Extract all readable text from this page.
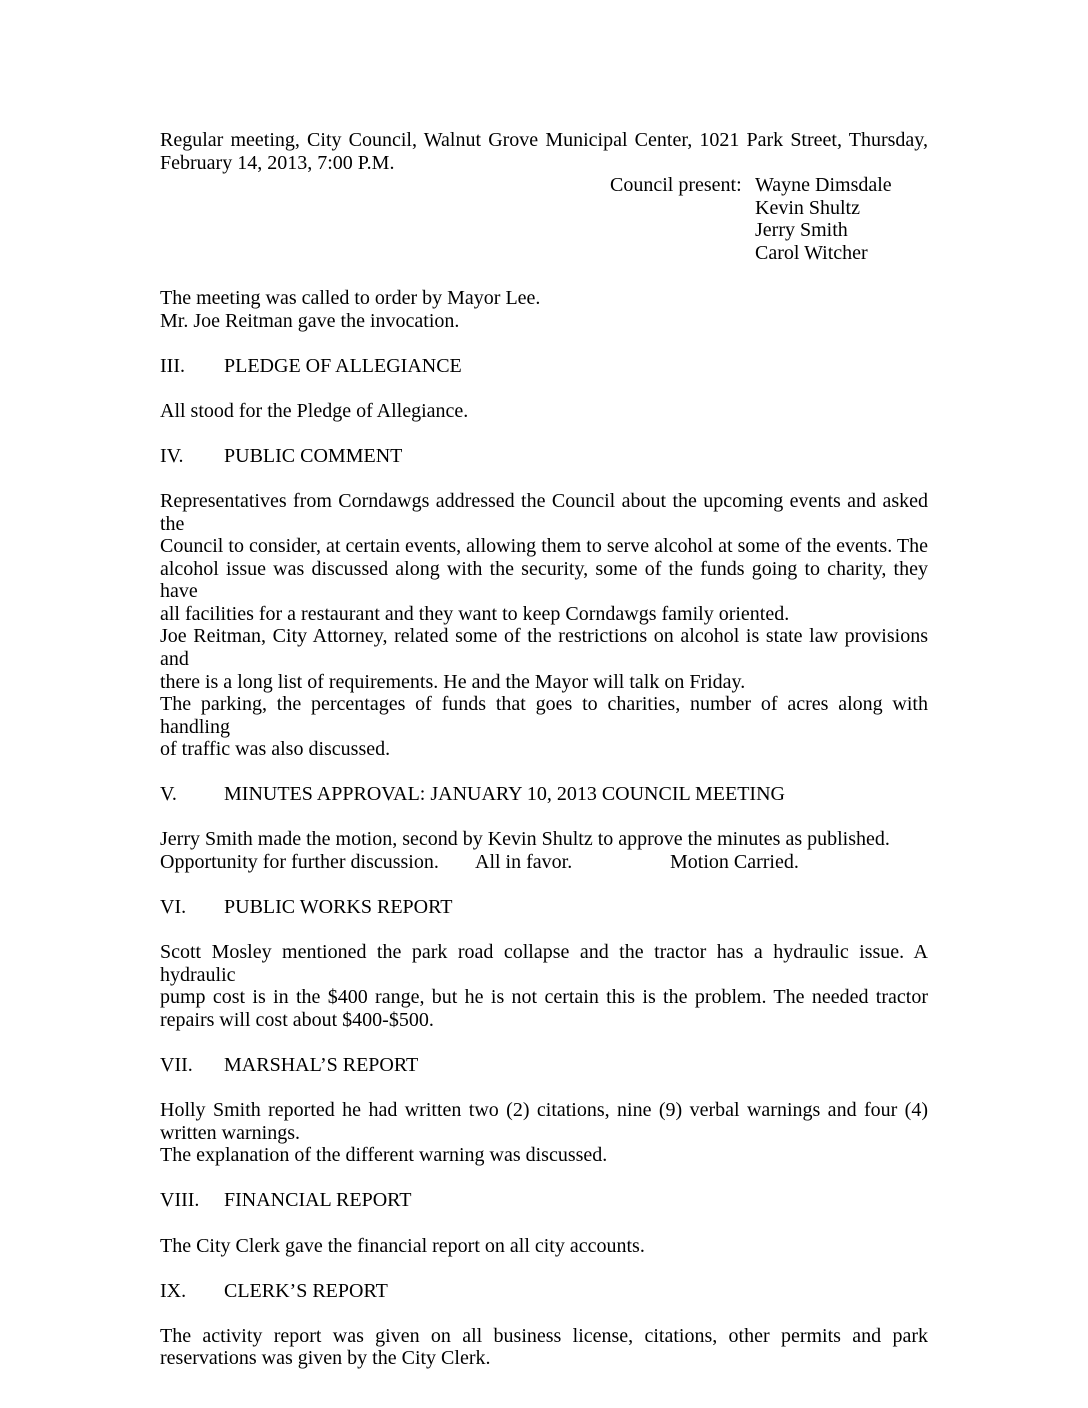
Regular meeting, City Council, Walnut Grove Municipal Center, 1021 Park Street, Thursday,
February 14, 2013, 7:00 P.M.
Council present: Wayne Dimsdale
Kevin Shultz
Jerry Smith
Carol Witcher
The meeting was called to order by Mayor Lee.
Mr. Joe Reitman gave the invocation.
III. PLEDGE OF ALLEGIANCE
All stood for the Pledge of Allegiance.
IV. PUBLIC COMMENT
Representatives from Corndawgs addressed the Council about the upcoming events and asked the
Council to consider, at certain events, allowing them to serve alcohol at some of the events. The
alcohol issue was discussed along with the security, some of the funds going to charity, they have
all facilities for a restaurant and they want to keep Corndawgs family oriented.
Joe Reitman, City Attorney, related some of the restrictions on alcohol is state law provisions and
there is a long list of requirements. He and the Mayor will talk on Friday.
The parking, the percentages of funds that goes to charities, number of acres along with handling
of traffic was also discussed.
V. MINUTES APPROVAL: JANUARY 10, 2013 COUNCIL MEETING
Jerry Smith made the motion, second by Kevin Shultz to approve the minutes as published.
Opportunity for further discussion. All in favor.	Motion Carried.
VI. PUBLIC WORKS REPORT
Scott Mosley mentioned the park road collapse and the tractor has a hydraulic issue. A hydraulic
pump cost is in the $400 range, but he is not certain this is the problem. The needed tractor
repairs will cost about $400-$500.
VII. MARSHAL’S REPORT
Holly Smith reported he had written two (2) citations, nine (9) verbal warnings and four (4)
written warnings.
The explanation of the different warning was discussed.
VIII. FINANCIAL REPORT
The City Clerk gave the financial report on all city accounts.
IX. CLERK’S REPORT
The activity report was given on all business license, citations, other permits and park
reservations was given by the City Clerk.
